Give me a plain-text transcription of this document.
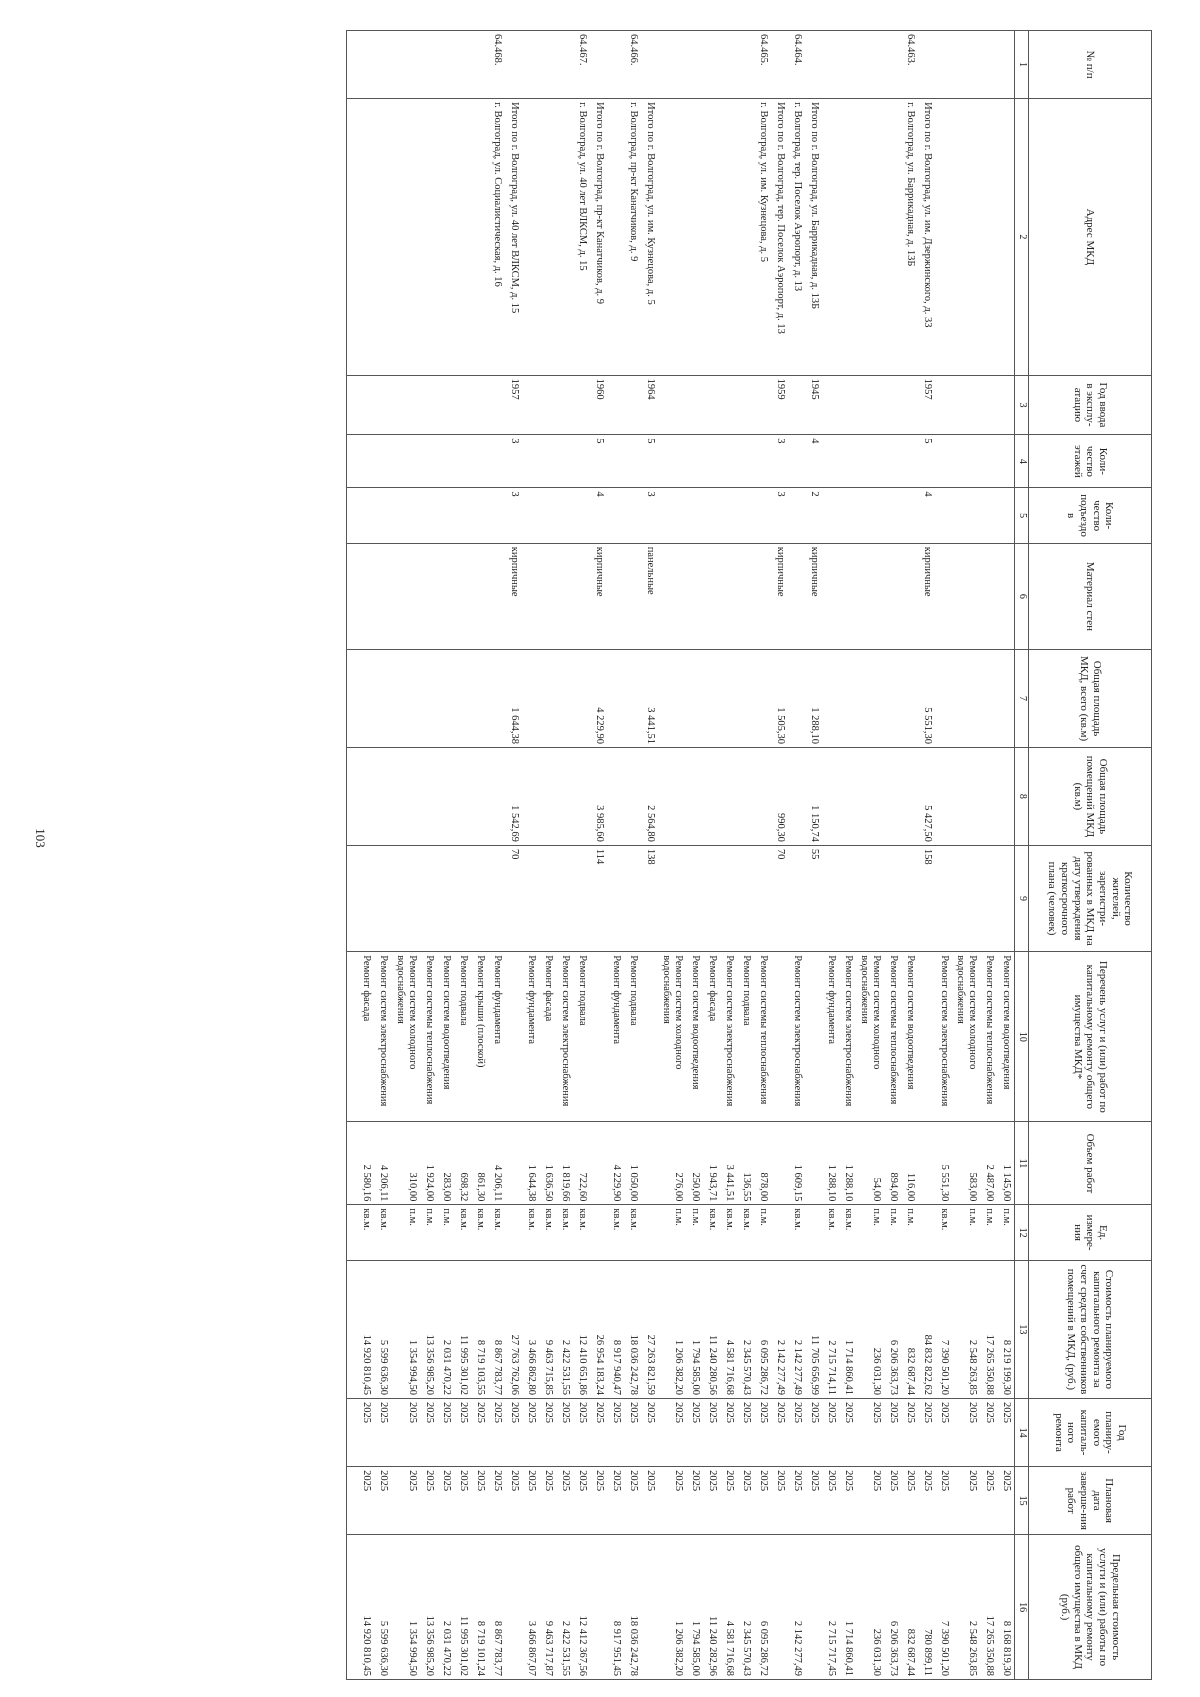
103
№ п/п	Адрес МКД	Год ввода в эксплу-атацию	Коли-чество этажей	Коли-чество подъездо в	Материал стен	Общая площадь МКД, всего (кв.м)	Общая площадь помещений МКД (кв.м)	Количество жителей, зарегистри-рованных в МКД на дату утверждения краткосрочного плана (человек)	Перечень услуг и (или) работ по капитальному ремонту общего имущества МКД*	Объем работ	Ед. измере-ния	Стоимость планируемого капитального ремонта за счет средств собственников помещений в МКД, (руб.)	Год планиру-емого капиталь-ного ремонта	Плановая дата заверше-ния работ	Предельная стоимость услуги и (или) работы по капитальному ремонту общего имущества в МКД (руб.)
1	2	3	4	5	6	7	8	9	10	11	12	13	14	15	16
									Ремонт систем водоотведения	1 145,00	п.м.	8 219 199,30	2025	2025	8 168 819,30
									Ремонт системы теплоснабжения	2 487,00	п.м.	17 265 350,88	2025	2025	17 265 350,88
									Ремонт систем холодного водоснабжения	583,00	п.м.	2 548 263,85	2025	2025	2 548 263,85
									Ремонт систем электроснабжения	5 551,30	кв.м.	7 390 501,20	2025	2025	7 390 501,20
	Итого по г. Волгоград, ул. им. Дзержинского, д. 33	1957	5	4	кирпичные	5 551,30	5 427,50	158				84 832 822,62	2025	2025	780 899,11
64.463.	г. Волгоград, ул. Баррикадная, д. 13Б								Ремонт систем водоотведения	116,00	п.м.	832 687,44	2025	2025	832 687,44
									Ремонт системы теплоснабжения	894,00	п.м.	6 206 363,73	2025	2025	6 206 363,73
									Ремонт систем холодного водоснабжения	54,00	п.м.	236 031,30	2025	2025	236 031,30
									Ремонт систем электроснабжения	1 288,10	кв.м.	1 714 860,41	2025	2025	1 714 860,41
									Ремонт фундамента	1 288,10	кв.м.	2 715 714,11	2025	2025	2 715 717,45
	Итого по г. Волгоград, ул. Баррикадная, д. 13Б	1945	4	2	кирпичные	1 288,10	1 150,74	55				11 705 656,99	2025	2025	
64.464.	г. Волгоград, тер. Поселок Аэропорт, д. 13								Ремонт систем электроснабжения	1 609,15	кв.м.	2 142 277,49	2025	2025	2 142 277,49
	Итого по г. Волгоград, тер. Поселок Аэропорт, д. 13	1959	3	3	кирпичные	1 505,30	990,30	70				2 142 277,49	2025	2025	
64.465.	г. Волгоград, ул. им. Кузнецова, д. 5								Ремонт системы теплоснабжения	878,00	п.м.	6 095 286,72	2025	2025	6 095 286,72
									Ремонт подвала	136,55	кв.м.	2 345 570,43	2025	2025	2 345 570,43
									Ремонт систем электроснабжения	3 441,51	кв.м.	4 581 716,68	2025	2025	4 581 716,68
									Ремонт фасада	1 943,71	кв.м.	11 240 280,56	2025	2025	11 240 282,96
									Ремонт систем водоотведения	250,00	п.м.	1 794 585,00	2025	2025	1 794 585,00
									Ремонт систем холодного водоснабжения	276,00	п.м.	1 206 382,20	2025	2025	1 206 382,20
	Итого по г. Волгоград, ул. им. Кузнецова, д. 5	1964	5	3	панельные	3 441,51	2 564,80	138				27 263 821,59	2025	2025	
64.466.	г. Волгоград, пр-кт Канатчиков, д. 9								Ремонт подвала	1 050,00	кв.м.	18 036 242,78	2025	2025	18 036 242,78
									Ремонт фундамента	4 229,90	кв.м.	8 917 940,47	2025	2025	8 917 951,45
	Итого по г. Волгоград, пр-кт Канатчиков, д. 9	1960	5	4	кирпичные	4 229,90	3 985,60	114				26 954 183,24	2025	2025	
64.467.	г. Волгоград, ул. 40 лет ВЛКСМ, д. 15								Ремонт подвала	722,60	кв.м.	12 410 651,86	2025	2025	12 412 367,56
									Ремонт систем электроснабжения	1 819,66	кв.м.	2 422 531,55	2025	2025	2 422 531,55
									Ремонт фасада	1 636,50	кв.м.	9 463 715,85	2025	2025	9 463 717,87
									Ремонт фундамента	1 644,38	кв.м.	3 466 862,80	2025	2025	3 466 867,07
	Итого по г. Волгоград, ул. 40 лет ВЛКСМ, д. 15	1957	3	3	кирпичные	1 644,38	1 542,69	70				27 763 762,06	2025	2025	
64.468.	г. Волгоград, ул. Социалистическая, д. 16								Ремонт фундамента	4 206,11	кв.м.	8 867 783,77	2025	2025	8 867 783,77
									Ремонт крыши (плоской)	861,30	кв.м.	8 719 103,55	2025	2025	8 719 101,24
									Ремонт подвала	698,32	кв.м.	11 995 301,02	2025	2025	11 995 301,02
									Ремонт систем водоотведения	283,00	п.м.	2 031 470,22	2025	2025	2 031 470,22
									Ремонт системы теплоснабжения	1 924,00	п.м.	13 356 985,20	2025	2025	13 356 985,20
									Ремонт систем холодного водоснабжения	310,00	п.м.	1 354 994,50	2025	2025	1 354 994,50
									Ремонт систем электроснабжения	4 206,11	кв.м.	5 599 636,30	2025	2025	5 599 636,30
									Ремонт фасада	2 580,16	кв.м.	14 920 810,45	2025	2025	14 920 810,45
